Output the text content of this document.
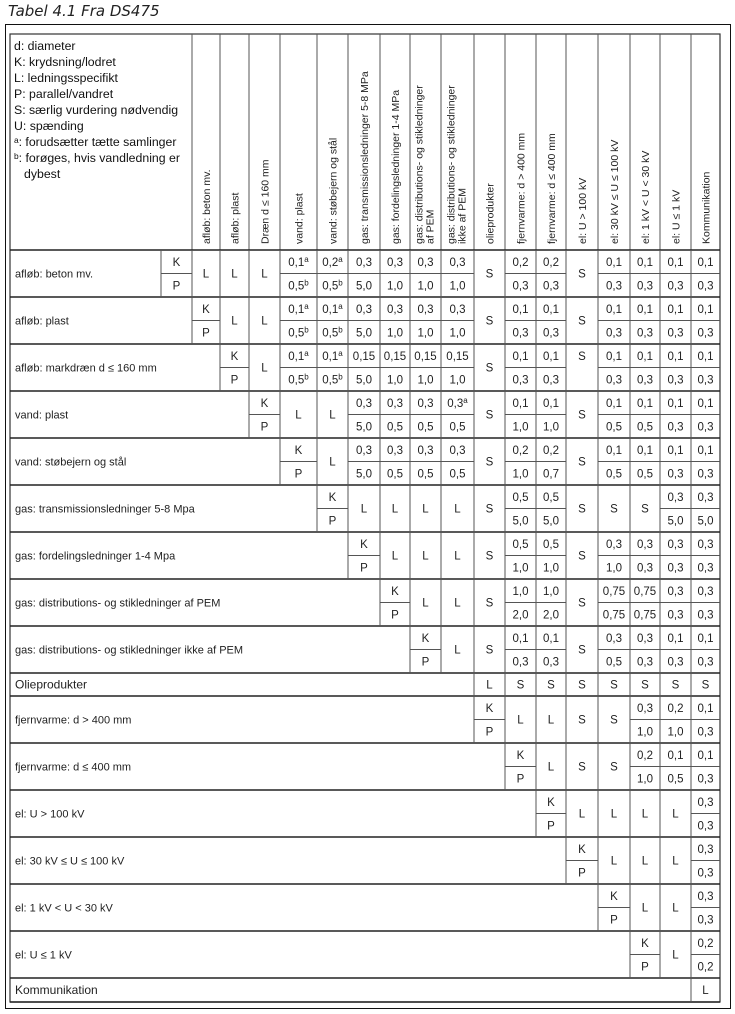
Tabel 4.1 Fra DS475
d: diameter
K: krydsning/lodret
L: ledningsspecifikt
P: parallel/vandret
S: særlig vurdering nødvendig
U: spænding
ᵃ: forudsætter tætte samlinger
ᵇ: forøges, hvis vandledning er
dybest	afløb: beton mv. afløb: plast Dræn d ≤ 160 mm vand: plast vand: støbejern og stål gas: transmissionsledninger 5-8 MPa gas: fordelingsledninger 1-4 MPa gas: distributions- og stikledninger af PEM gas: distributions- og stikledninger ikke af PEM olieprodukter fjernvarme: d > 400 mm fjernvarme: d ≤ 400 mm el: U > 100 kV el: 30 kV ≤ U ≤ 100 kV el: 1 kV < U < 30 kV el: U ≤ 1 kV Kommunikation
afløb: beton mv.
K
P
afløb: plast
K
P
afløb: markdræn d ≤ 160 mm
K
P
vand: plast
K
P
vand: støbejern og stål
K
P
gas: transmissionsledninger 5-8 Mpa
K
P
gas: fordelingsledninger 1-4 Mpa
K
P
gas: distributions- og stikledninger af PEM
K
P
gas: distributions- og stikledninger ikke af PEM
K
P
Olieprodukter
fjernvarme: d > 400 mm
K
P
fjernvarme: d ≤ 400 mm
K
P
el: U > 100 kV
K
P
el: 30 kV ≤ U ≤ 100 kV
K
P
el: 1 kV < U < 30 kV
K
P
el: U ≤ 1 kV
K
P
Kommunikation
L L L
0,1$^a$
0,5$^b$
0,2$^a$
0,5$^b$
0,3
5,0
0,3
1,0
0,3
1,0
0,3
1,0
S
0,2
0,3
0,2
0,3
S
0,1
0,3
0,1
0,3
0,1
0,3
0,1
0,3
L L
0,1$^a$
0,5$^b$
0,1$^a$
0,5$^b$
0,3
5,0
0,3
1,0
0,3
1,0
0,3
1,0
S
0,1
0,3
0,1
0,3
S
0,1
0,3
0,1
0,3
0,1
0,3
0,1
0,3
L
0,1$^a$
0,5$^b$
0,1$^a$
0,5$^b$
0,15
5,0
0,15
1,0
0,15
1,0
0,15
1,0
S
0,1
0,3
0,1
0,3
S 0,1
0,3
0,1
0,3
0,1
0,3
0,1
0,3
L L
0,3
5,0
0,3
0,5
0,3
0,5
0,3$^a$
0,5
S
0,1
1,0
0,1
1,0
S
0,1
0,5
0,1
0,5
0,1
0,3
0,1
0,3
L
0,3
5,0
0,3
0,5
0,3
0,5
0,3
0,5
S
0,2
1,0
0,2
0,7
S
0,1
0,5
0,1
0,5
0,1
0,3
0,1
0,3
L L L L S
0,5
5,0
0,5
5,0
S S S
0,3
5,0
0,3
5,0
L L L S
0,5
1,0
0,5
1,0
S
0,3
1,0
0,3
0,3
0,3
0,3
0,3
0,3
L L S
1,0
2,0
1,0
2,0
S
0,75
0,75
0,75
0,75
0,3
0,3
0,3
0,3
L S
0,1
0,3
0,1
0,3
S
0,3
0,5
0,3
0,3
0,1
0,3
0,1
0,3
L S S S S S S S
L L S S
0,3
1,0
0,2
1,0
0,1
0,3
L S S
0,2
1,0
0,1
0,5
0,1
0,3
L L L L
0,3
0,3
L L L
0,3
0,3
L L
0,3
0,3
L
0,2
0,2
L
